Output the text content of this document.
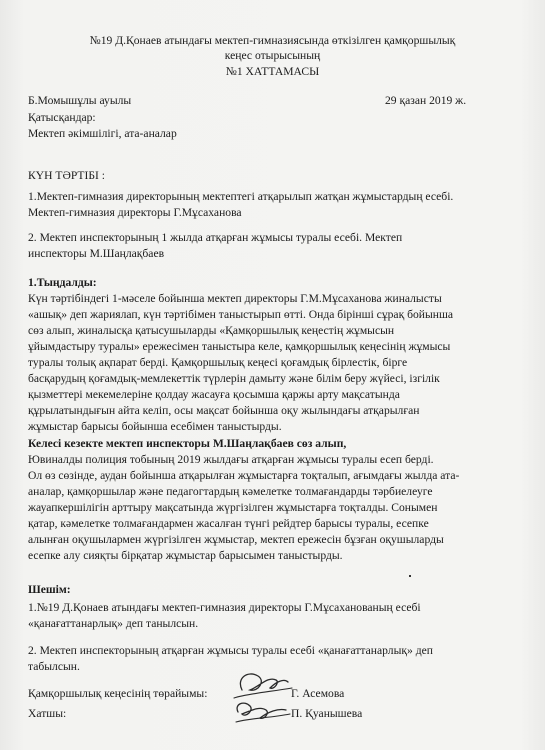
№19 Д.Қонаев атындағы мектеп-гимназиясында өткізілген қамқоршылық
кеңес отырысының
№1 ХАТТАМАСЫ
Б.Момышұлы ауылы	29 қазан 2019 ж.
Қатысқандар:
Мектеп әкімшілігі, ата-аналар
КҮН ТӘРТІБІ :
1.Мектеп-гимназия директорының мектептегі атқарылып жатқан жұмыстардың есебі.
Мектеп-гимназия директоры Г.Мұсаханова
2. Мектеп инспекторының 1 жылда атқарған жұмысы туралы есебі. Мектеп
инспекторы М.Шаңлақбаев
1.Тыңдалды:
Күн тәртібіндегі 1-мәселе бойынша мектеп директоры Г.М.Мұсаханова жиналысты
«ашық» деп жариялап, күн тәртібімен таныстырып өтті. Онда бірінші сұрақ бойынша
сөз алып, жиналысқа қатысушыларды «Қамқоршылық кеңестің жұмысын
ұйымдастыру туралы» ережесімен таныстыра келе, қамқоршылық кеңесінің жұмысы
туралы толық ақпарат берді. Қамқоршылық кеңесі қоғамдық бірлестік, бірге
басқарудың қоғамдық-мемлекеттік түрлерін дамыту және білім беру жүйесі, ізгілік
қызметтері мекемелеріне қолдау жасауға қосымша қаржы арту мақсатында
құрылатындығын айта келіп, осы мақсат бойынша оқу жылындағы атқарылған
жұмыстар барысы бойынша есебімен таныстырды.
Келесі кезекте мектеп инспекторы М.Шаңлақбаев сөз алып,
Ювиналды полиция тобының 2019 жылдағы атқарған жұмысы туралы есеп берді.
Ол өз сөзінде, аудан бойынша атқарылған жұмыстарға тоқталып, ағымдағы жылда ата-
аналар, қамқоршылар және педагогтардың кәмелетке толмағандарды тәрбиелеуге
жауапкершілігін арттыру мақсатында жүргізілген жұмыстарға тоқталды. Сонымен
қатар, кәмелетке толмағандармен жасалған түнгі рейдтер барысы туралы, есепке
алынған оқушылармен жүргізілген жұмыстар, мектеп ережесін бұзған оқушыларды
есепке алу сияқты бірқатар жұмыстар барысымен таныстырды.
Шешім:
1.№19 Д.Қонаев атындағы мектеп-гимназия директоры Г.Мұсаханованың есебі
«қанағаттанарлық» деп танылсын.
2. Мектеп инспекторының атқарған жұмысы туралы есебі «қанағаттанарлық» деп
табылсын.
Қамқоршылық кеңесінің төрайымы:	Г. Асемова
Хатшы:	П. Қуанышева
